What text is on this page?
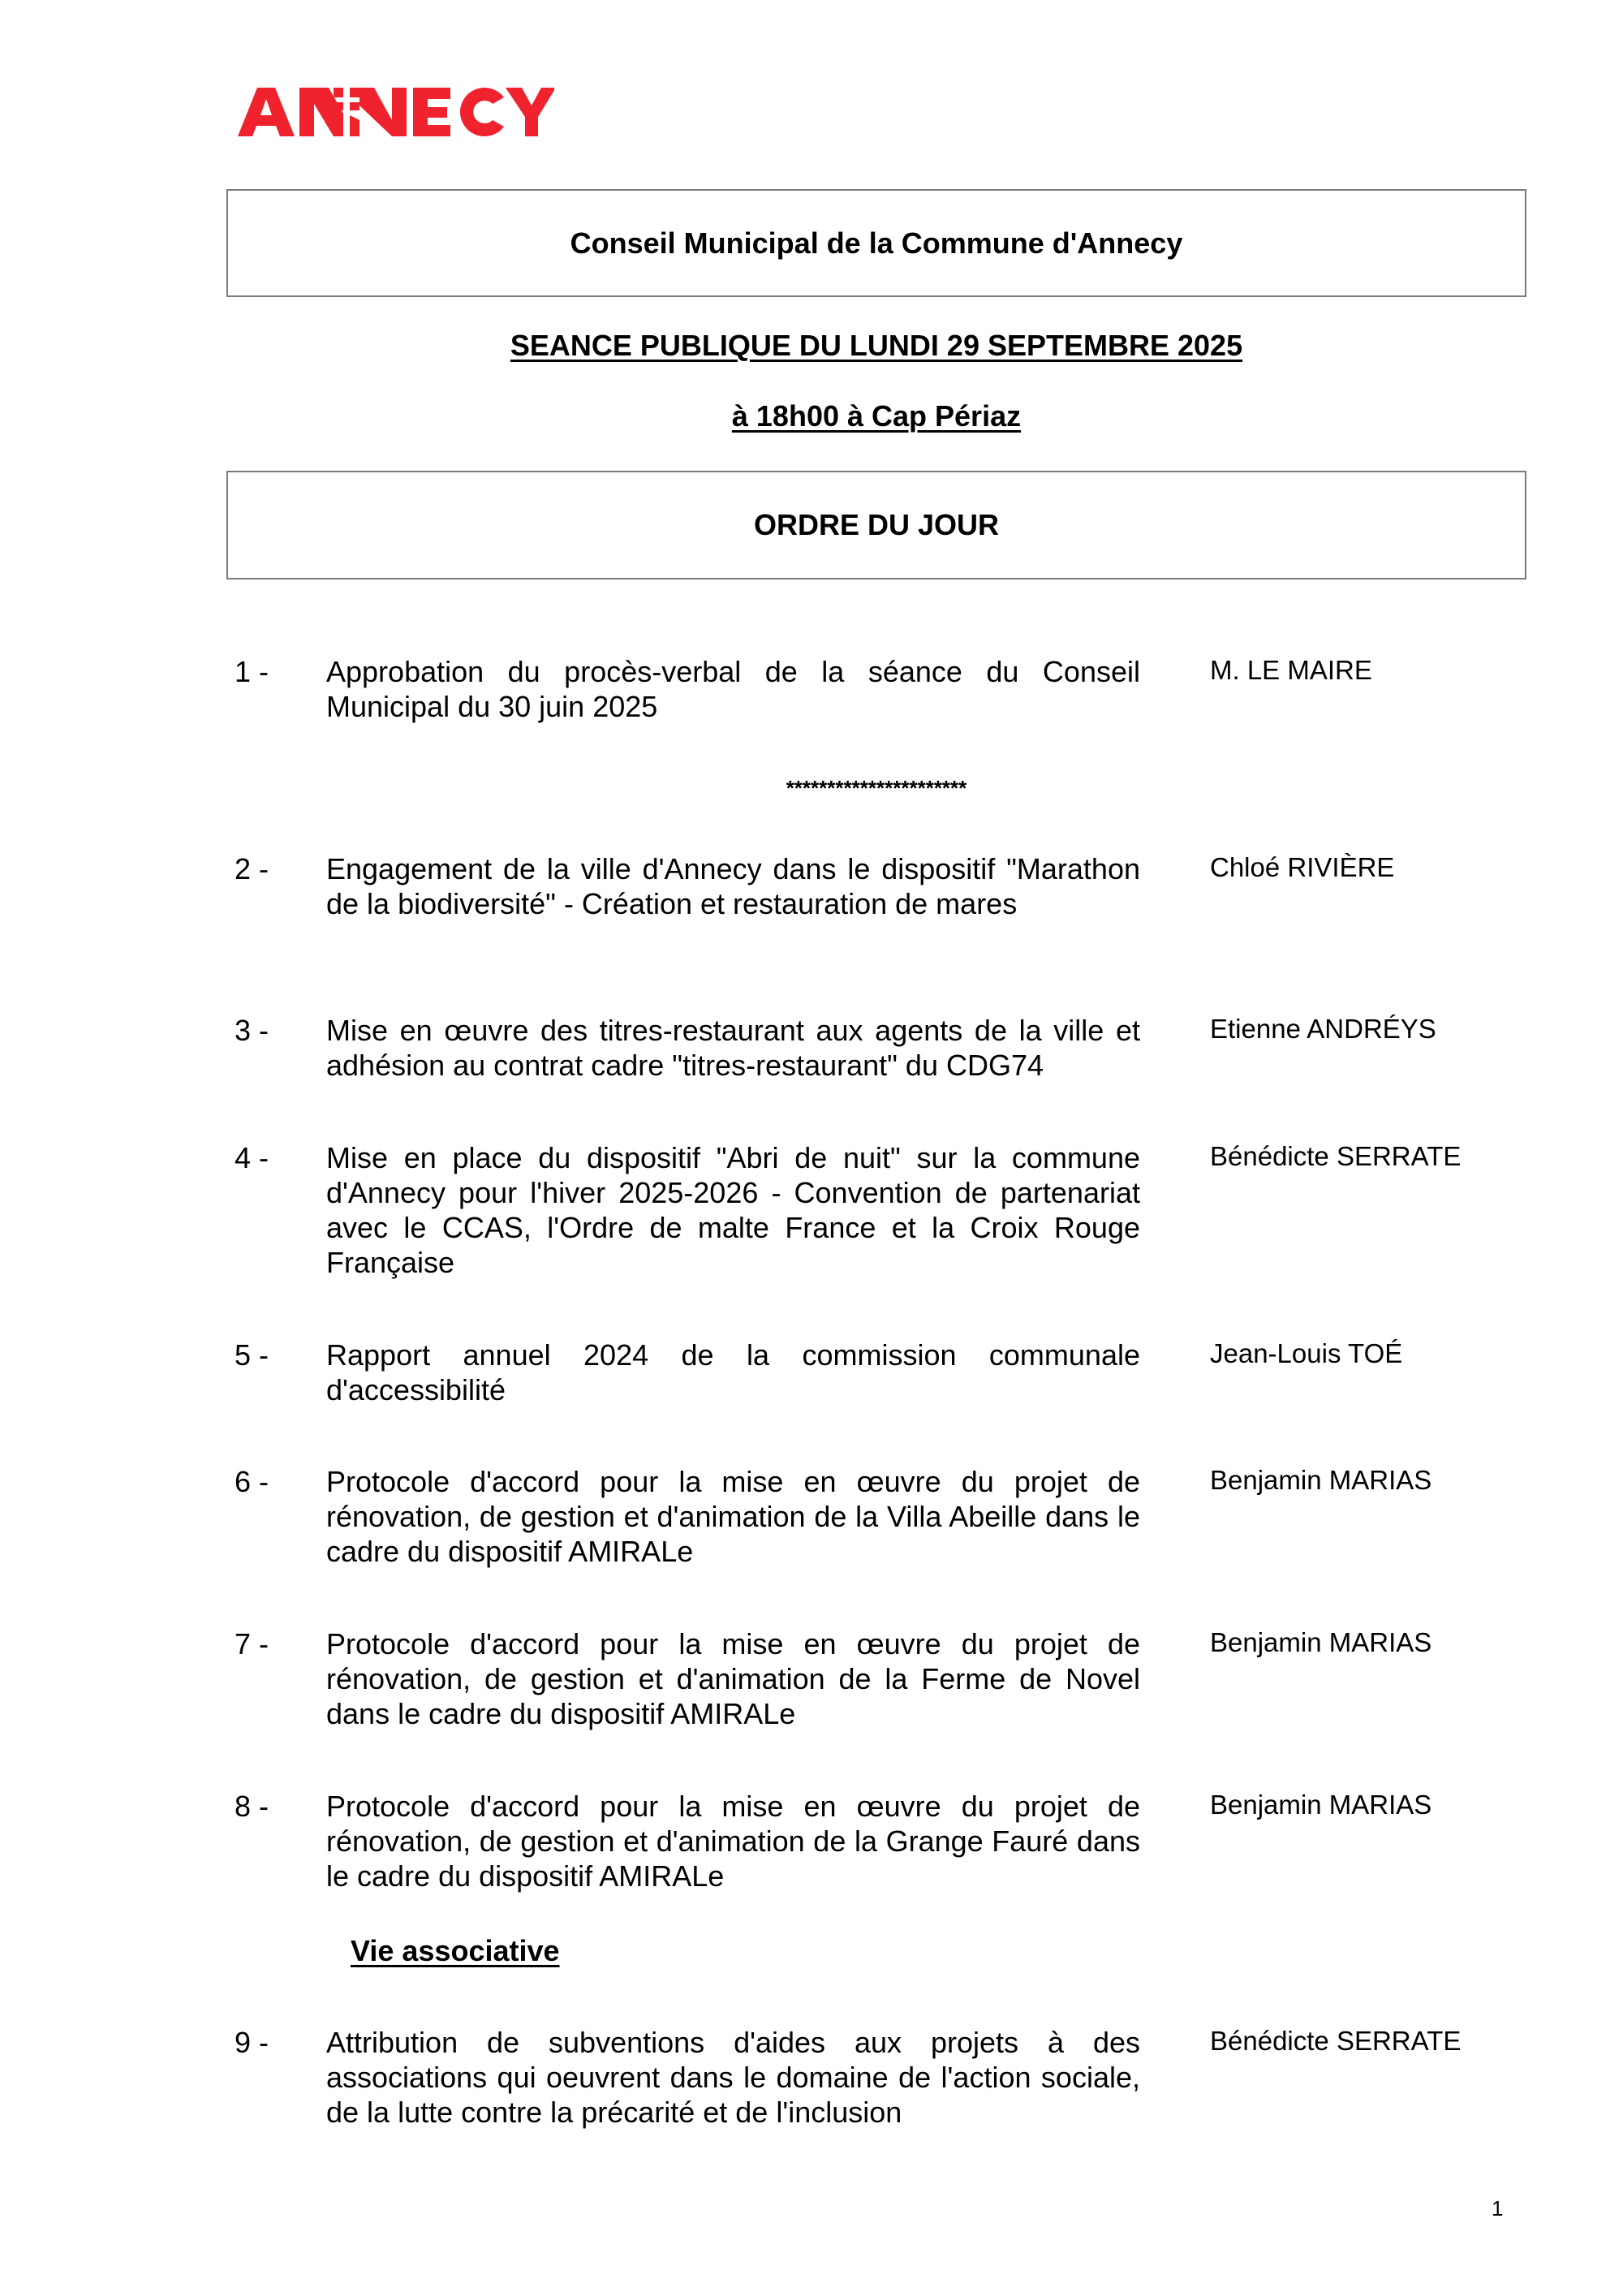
Conseil Municipal de la Commune d'Annecy
SEANCE PUBLIQUE DU LUNDI 29 SEPTEMBRE 2025
à 18h00 à Cap Périaz
ORDRE DU JOUR
1 - Approbation du procès-verbal de la séance du Conseil Municipal du 30 juin 2025
M. LE MAIRE
**********************
2 - Engagement de la ville d'Annecy dans le dispositif "Marathon de la biodiversité" - Création et restauration de mares
Chloé RIVIÈRE
3 - Mise en œuvre des titres-restaurant aux agents de la ville et adhésion au contrat cadre "titres-restaurant" du CDG74
Etienne ANDRÉYS
4 - Mise en place du dispositif "Abri de nuit" sur la commune d'Annecy pour l'hiver 2025-2026 - Convention de partenariat avec le CCAS, l'Ordre de malte France et la Croix Rouge Française
Bénédicte SERRATE
5 - Rapport annuel 2024 de la commission communale d'accessibilité
Jean-Louis TOÉ
6 - Protocole d'accord pour la mise en œuvre du projet de rénovation, de gestion et d'animation de la Villa Abeille dans le cadre du dispositif AMIRALe
Benjamin MARIAS
7 - Protocole d'accord pour la mise en œuvre du projet de rénovation, de gestion et d'animation de la Ferme de Novel dans le cadre du dispositif AMIRALe
Benjamin MARIAS
8 - Protocole d'accord pour la mise en œuvre du projet de rénovation, de gestion et d'animation de la Grange Fauré dans le cadre du dispositif AMIRALe
Benjamin MARIAS
Vie associative
9 - Attribution de subventions d'aides aux projets à des associations qui oeuvrent dans le domaine de l'action sociale, de la lutte contre la précarité et de l'inclusion
Bénédicte SERRATE
1
